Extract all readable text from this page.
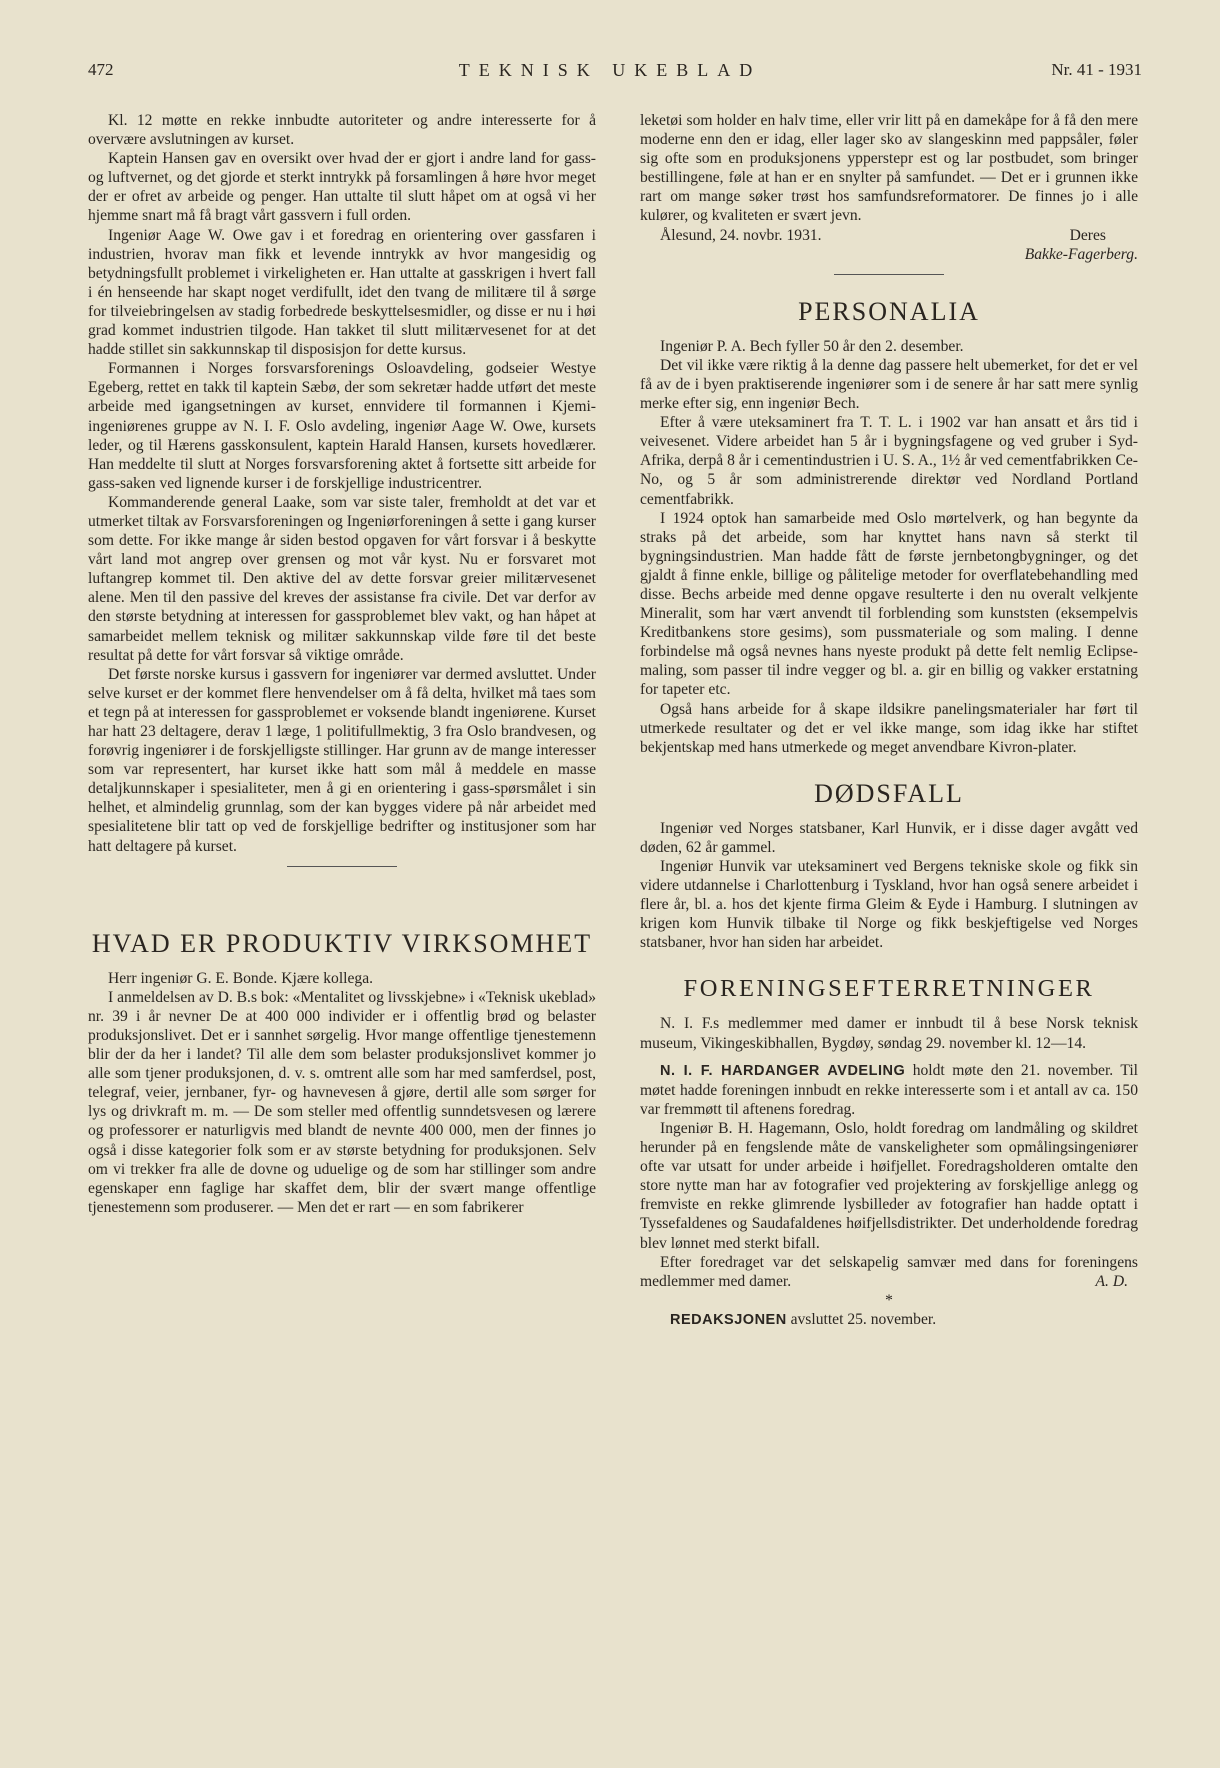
472	TEKNISK UKEBLAD	Nr. 41 - 1931

Kl. 12 møtte en rekke innbudte autoriteter og andre interesserte for å overvære avslutningen av kurset.

Kaptein Hansen gav en oversikt over hvad der er gjort i andre land for gass- og luftvernet, og det gjorde et sterkt inntrykk på forsamlingen å høre hvor meget der er ofret av arbeide og penger. Han uttalte til slutt håpet om at også vi her hjemme snart må få bragt vårt gassvern i full orden.

Ingeniør Aage W. Owe gav i et foredrag en orientering over gassfaren i industrien, hvorav man fikk et levende inntrykk av hvor mangesidig og betydningsfullt problemet i virkeligheten er. Han uttalte at gasskrigen i hvert fall i én henseende har skapt noget verdifullt, idet den tvang de militære til å sørge for tilveiebringelsen av stadig forbedrede beskyttelsesmidler, og disse er nu i høi grad kommet industrien tilgode. Han takket til slutt militærvesenet for at det hadde stillet sin sakkunnskap til disposisjon for dette kursus.

Formannen i Norges forsvarsforenings Osloavdeling, godseier Westye Egeberg, rettet en takk til kaptein Sæbø, der som sekretær hadde utført det meste arbeide med igangsetningen av kurset, ennvidere til formannen i Kjemi-ingeniørenes gruppe av N. I. F. Oslo avdeling, ingeniør Aage W. Owe, kursets leder, og til Hærens gasskonsulent, kaptein Harald Hansen, kursets hovedlærer. Han meddelte til slutt at Norges forsvarsforening aktet å fortsette sitt arbeide for gass-saken ved lignende kurser i de forskjellige industricentrer.

Kommanderende general Laake, som var siste taler, fremholdt at det var et utmerket tiltak av Forsvarsforeningen og Ingeniørforeningen å sette i gang kurser som dette. For ikke mange år siden bestod opgaven for vårt forsvar i å beskytte vårt land mot angrep over grensen og mot vår kyst. Nu er forsvaret mot luftangrep kommet til. Den aktive del av dette forsvar greier militærvesenet alene. Men til den passive del kreves der assistanse fra civile. Det var derfor av den største betydning at interessen for gassproblemet blev vakt, og han håpet at samarbeidet mellem teknisk og militær sakkunnskap vilde føre til det beste resultat på dette for vårt forsvar så viktige område.

Det første norske kursus i gassvern for ingeniører var dermed avsluttet. Under selve kurset er der kommet flere henvendelser om å få delta, hvilket må taes som et tegn på at interessen for gassproblemet er voksende blandt ingeniørene. Kurset har hatt 23 deltagere, derav 1 læge, 1 politifullmektig, 3 fra Oslo brandvesen, og forøvrig ingeniører i de forskjelligste stillinger. Har grunn av de mange interesser som var representert, har kurset ikke hatt som mål å meddele en masse detaljkunnskaper i spesialiteter, men å gi en orientering i gass-spørsmålet i sin helhet, et almindelig grunnlag, som der kan bygges videre på når arbeidet med spesialitetene blir tatt op ved de forskjellige bedrifter og institusjoner som har hatt deltagere på kurset.

HVAD ER PRODUKTIV VIRKSOMHET

Herr ingeniør G. E. Bonde. Kjære kollega.

I anmeldelsen av D. B.s bok: «Mentalitet og livsskjebne» i «Teknisk ukeblad» nr. 39 i år nevner De at 400 000 individer er i offentlig brød og belaster produksjonslivet. Det er i sannhet sørgelig. Hvor mange offentlige tjenestemenn blir der da her i landet? Til alle dem som belaster produksjonslivet kommer jo alle som tjener produksjonen, d. v. s. omtrent alle som har med samferdsel, post, telegraf, veier, jernbaner, fyr- og havnevesen å gjøre, dertil alle som sørger for lys og drivkraft m. m. — De som steller med offentlig sunndetsvesen og lærere og professorer er naturligvis med blandt de nevnte 400 000, men der finnes jo også i disse kategorier folk som er av største betydning for produksjonen. Selv om vi trekker fra alle de dovne og uduelige og de som har stillinger som andre egenskaper enn faglige har skaffet dem, blir der svært mange offentlige tjenestemenn som produserer. — Men det er rart — en som fabrikerer

leketøi som holder en halv time, eller vrir litt på en damekåpe for å få den mere moderne enn den er idag, eller lager sko av slangeskinn med pappsåler, føler sig ofte som en produksjonens ypperstepr est og lar postbudet, som bringer bestillingene, føle at han er en snylter på samfundet. — Det er i grunnen ikke rart om mange søker trøst hos samfundsreformatorer. De finnes jo i alle kulører, og kvaliteten er svært jevn.

Ålesund, 24. novbr. 1931.	Deres

Bakke-Fagerberg.

PERSONALIA

Ingeniør P. A. Bech fyller 50 år den 2. desember.

Det vil ikke være riktig å la denne dag passere helt ubemerket, for det er vel få av de i byen praktiserende ingeniører som i de senere år har satt mere synlig merke efter sig, enn ingeniør Bech.

Efter å være uteksaminert fra T. T. L. i 1902 var han ansatt et års tid i veivesenet. Videre arbeidet han 5 år i bygningsfagene og ved gruber i Syd-Afrika, derpå 8 år i cementindustrien i U. S. A., 1½ år ved cementfabrikken Ce-No, og 5 år som administrerende direktør ved Nordland Portland cementfabrikk.

I 1924 optok han samarbeide med Oslo mørtelverk, og han begynte da straks på det arbeide, som har knyttet hans navn så sterkt til bygningsindustrien. Man hadde fått de første jernbetongbygninger, og det gjaldt å finne enkle, billige og pålitelige metoder for overflatebehandling med disse. Bechs arbeide med denne opgave resulterte i den nu overalt velkjente Mineralit, som har vært anvendt til forblending som kunststen (eksempelvis Kreditbankens store gesims), som pussmateriale og som maling. I denne forbindelse må også nevnes hans nyeste produkt på dette felt nemlig Eclipse-maling, som passer til indre vegger og bl. a. gir en billig og vakker erstatning for tapeter etc.

Også hans arbeide for å skape ildsikre panelingsmaterialer har ført til utmerkede resultater og det er vel ikke mange, som idag ikke har stiftet bekjentskap med hans utmerkede og meget anvendbare Kivron-plater.

DØDSFALL

Ingeniør ved Norges statsbaner, Karl Hunvik, er i disse dager avgått ved døden, 62 år gammel.

Ingeniør Hunvik var uteksaminert ved Bergens tekniske skole og fikk sin videre utdannelse i Charlottenburg i Tyskland, hvor han også senere arbeidet i flere år, bl. a. hos det kjente firma Gleim & Eyde i Hamburg. I slutningen av krigen kom Hunvik tilbake til Norge og fikk beskjeftigelse ved Norges statsbaner, hvor han siden har arbeidet.

FORENINGSEFTERRETNINGER

N. I. F.s medlemmer med damer er innbudt til å bese Norsk teknisk museum, Vikingeskibhallen, Bygdøy, søndag 29. november kl. 12—14.

N. I. F. HARDANGER AVDELING holdt møte den 21. november. Til møtet hadde foreningen innbudt en rekke interesserte som i et antall av ca. 150 var fremmøtt til aftenens foredrag.

Ingeniør B. H. Hagemann, Oslo, holdt foredrag om landmåling og skildret herunder på en fengslende måte de vanskeligheter som opmålingsingeniører ofte var utsatt for under arbeide i høifjellet. Foredragsholderen omtalte den store nytte man har av fotografier ved projektering av forskjellige anlegg og fremviste en rekke glimrende lysbilleder av fotografier han hadde optatt i Tyssefaldenes og Saudafaldenes høifjellsdistrikter. Det underholdende foredrag blev lønnet med sterkt bifall.

Efter foredraget var det selskapelig samvær med dans for foreningens medlemmer med damer.	A. D.

*

REDAKSJONEN avsluttet 25. november.
